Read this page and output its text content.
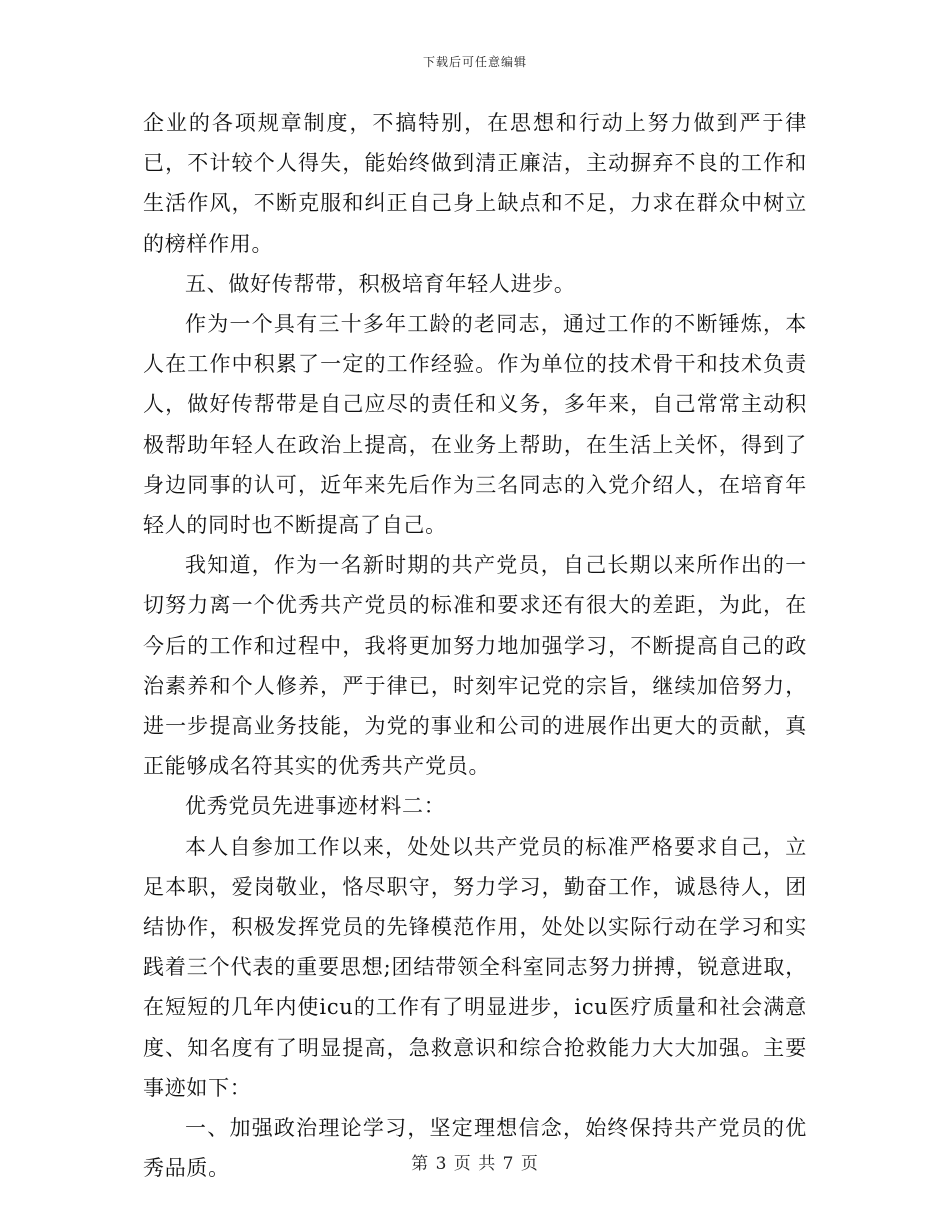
下载后可任意编辑

企业的各项规章制度，不搞特别，在思想和行动上努力做到严于律已，不计较个人得失，能始终做到清正廉洁，主动摒弃不良的工作和生活作风，不断克服和纠正自己身上缺点和不足，力求在群众中树立的榜样作用。

五、做好传帮带，积极培育年轻人进步。

作为一个具有三十多年工龄的老同志，通过工作的不断锤炼，本人在工作中积累了一定的工作经验。作为单位的技术骨干和技术负责人，做好传帮带是自己应尽的责任和义务，多年来，自己常常主动积极帮助年轻人在政治上提高，在业务上帮助，在生活上关怀，得到了身边同事的认可，近年来先后作为三名同志的入党介绍人，在培育年轻人的同时也不断提高了自己。

我知道，作为一名新时期的共产党员，自己长期以来所作出的一切努力离一个优秀共产党员的标准和要求还有很大的差距，为此，在今后的工作和过程中，我将更加努力地加强学习，不断提高自己的政治素养和个人修养，严于律已，时刻牢记党的宗旨，继续加倍努力，进一步提高业务技能，为党的事业和公司的进展作出更大的贡献，真正能够成名符其实的优秀共产党员。

优秀党员先进事迹材料二：

本人自参加工作以来，处处以共产党员的标准严格要求自己，立足本职，爱岗敬业，恪尽职守，努力学习，勤奋工作，诚恳待人，团结协作，积极发挥党员的先锋模范作用，处处以实际行动在学习和实践着三个代表的重要思想;团结带领全科室同志努力拼搏，锐意进取，在短短的几年内使icu的工作有了明显进步，icu医疗质量和社会满意度、知名度有了明显提高，急救意识和综合抢救能力大大加强。主要事迹如下：

一、加强政治理论学习，坚定理想信念，始终保持共产党员的优秀品质。	第 3 页 共 7 页
